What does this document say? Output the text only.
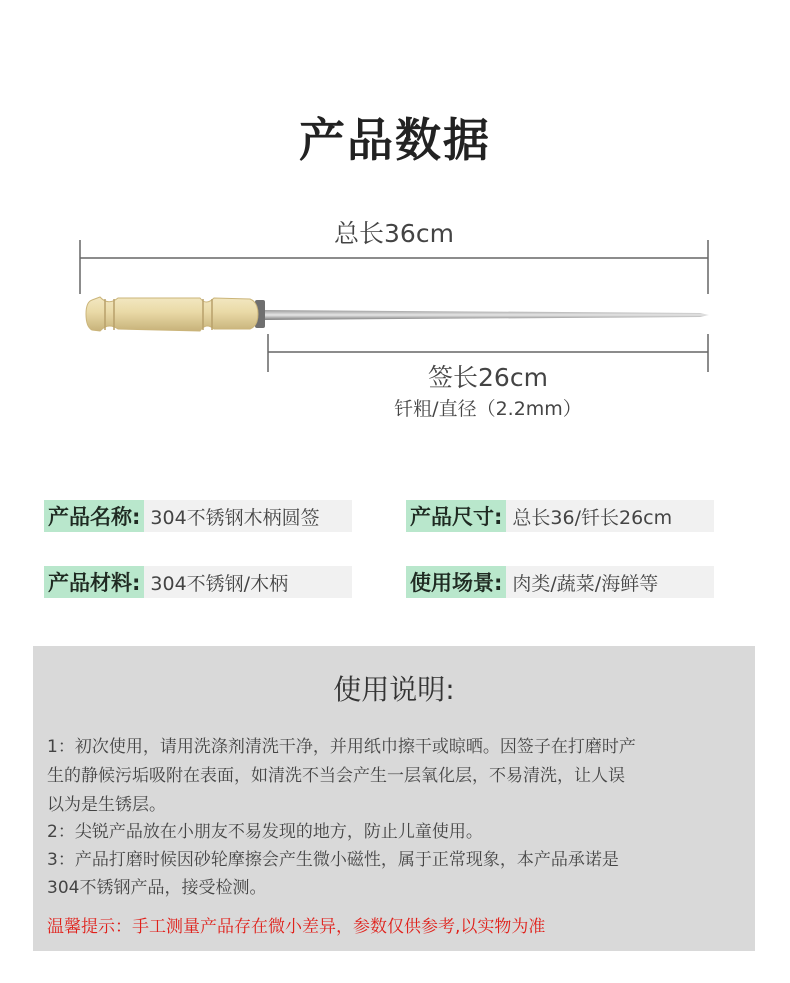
产品数据
总长36cm
签长26cm
钎粗/直径（2.2mm）
产品名称: 304不锈钢木柄圆签	产品尺寸: 总长36/钎长26cm
产品材料: 304不锈钢/木柄	使用场景: 肉类/蔬菜/海鲜等
使用说明:
1：初次使用，请用洗涤剂清洗干净，并用纸巾擦干或晾晒。因签子在打磨时产
生的静候污垢吸附在表面，如清洗不当会产生一层氧化层，不易清洗，让人误
以为是生锈层。
2：尖锐产品放在小朋友不易发现的地方，防止儿童使用。
3：产品打磨时候因砂轮摩擦会产生微小磁性，属于正常现象，本产品承诺是
304不锈钢产品，接受检测。
温馨提示：手工测量产品存在微小差异，参数仅供参考,以实物为准
